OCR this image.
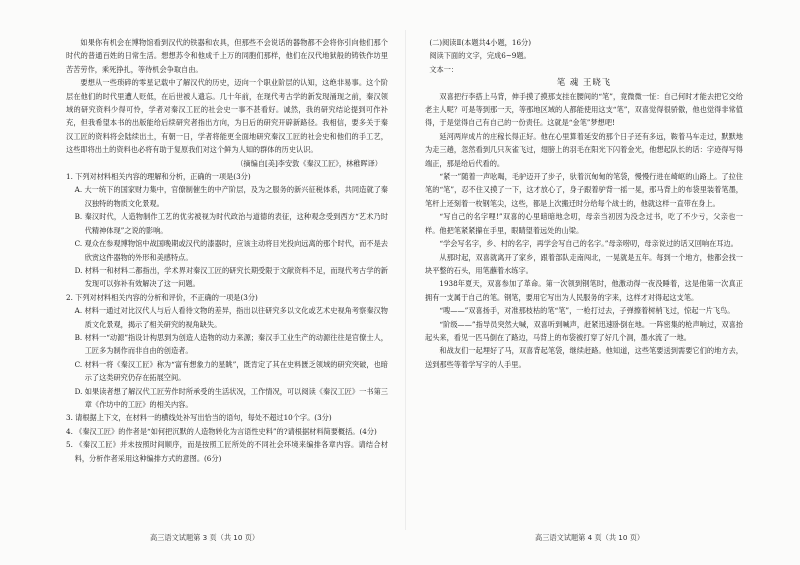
如果你有机会在博物馆看到汉代的铁器和农具，但那些不会说话的器物都不会将你引向他们那个时代的普通百姓的日常生活。想想苏令和他成千上万的同胞们那样，他们在汉代地狱般的铸铁作坊里苦苦劳作，乘死挣扎，等待机会争取自由。

要想从一些琐碎的零星记载中了解汉代的历史，迈向一个职业阶层的认知，这绝非易事。这个阶层在他们的时代里遭人贬低，在后世被人遗忘。几十年前，在现代考古学的新发现涌现之前，秦汉领域的研究资料少得可怜，学者对秦汉工匠的社会史一事不甚看好。诚然，我的研究结论提到可作补充，但我希望本书的出版能给后续研究者指出方向，为日后的研究开辟新路径。我相信，要多关于秦汉工匠的资料将会陆续出土，有朝一日，学者将能更全面地研究秦汉工匠的社会史和他们的手工艺，这些即将出土的资料也必将有助于复原我们对这个鲜为人知的群体的历史认识。

（摘编自[美]李安敦《秦汉工匠》，林稚晖译）

1. 下列对材料相关内容的理解和分析，正确的一项是(3分)

A. 大一统下的国家财力集中，官僚制催生的中产阶层，及为之服务的新兴征税体系，共同造就了秦汉独特的物质文化景观。

B. 秦汉时代，人造物制作工艺的优劣被视为时代政治与道德的表征，这种观念受到西方“艺术乃时代精神体现”之说的影响。

C. 观众在参观博物馆中战国晚期或汉代的漆器时，应该主动将目光投向远离的那个时代，而不是去欣赏这件器物的外形和美感特点。

D. 材料一和材料二都指出，学术界对秦汉工匠的研究长期受限于文献资料不足，而现代考古学的新发现可以弥补有效解决了这一问题。

2. 下列对材料相关内容的分析和评价，不正确的一项是(3分)

A. 材料一通过对比汉代人与后人看待文物的差异，指出以往研究多以文化或艺术史视角考察秦汉物质文化景观，揭示了相关研究的视角缺失。

B. 材料一“动源”指设计构思到为创造人造物的动力来源；秦汉手工业生产的动源往往是官僚士人，工匠多为制作而非自由的创造者。

C. 材料一将《秦汉工匠》称为“富有想象力的星眺”，既肯定了其在史料匮乏领域的研究突破，也暗示了这类研究仍存在拓展空间。

D. 如果读者想了解汉代工匠劳作时所承受的生活状况，工作情况，可以阅读《秦汉工匠》一书第三章《作坊中的工匠》的相关内容。

3. 请根据上下文，在材料一的横线处补写出恰当的语句，每处不超过10个字。(3分)

4. 《秦汉工匠》的作者是“如何把沉默的人造物转化为言语性史料”的?请根据材料简要概括。(4分)

5. 《秦汉工匠》并未按照时间顺序，而是按照工匠所处的不同社会环境来编排各章内容。请结合材料，分析作者采用这种编排方式的意图。(6分)

(二)阅读Ⅱ(本题共4小题，16分)

阅读下面的文字，完成6~9题。

文本一：

笔 魂 王晓飞

双喜把行李搭上马背，伸手摸了摸那支挂在腰间的“笔”，竟微微一怔：自己何时才能去把它交给老主人呢？可是等到那一天，等那地区域的人都能使用这支“笔”，双喜觉得很骄傲，他也觉得非常值得，于是觉得自己有自己的一份责任。这就是“金笔”梦想吧!

延河两岸成片的庄稼长得正好。他在心里算着延安的那个日子还有多远，鞍着马车走过，默默地为走三趟，忽然看到几只灰雀飞过，翅膀上的羽毛在阳光下闪着金光，他想起队长的话：字迹得写得端正，那是给后代看的。

“紧一”随着一声吆喝，毛驴迈开了步子，驮着沉甸甸的笔袋，慢慢行进在崎岖的山路上。了拉住笔的“笔”，忍不住又摸了一下，这才放心了，身子跟着驴背一摇一晃，那马背上的布袋里装着笔墨，笔杆上还刻着一枚钢笔尖，这些，都是上次搬迁时分给每个战士的，他就这样一直带在身上。

“写自己的名字哩!”双喜的心里暗暗地念叨，母亲当初因为没念过书，吃了不少亏，父亲也一样。他把笔紧紧攥在手里，眼睛望着远处的山梁。

“学会写名字，乡、村的名字，再学会写自己的名字。”母亲唠叨，母亲说过的话又回响在耳边。

从那时起，双喜就离开了家乡，跟着部队走南闯北，一晃就是五年。每到一个地方，他都会找一块平整的石头，用笔蘸着水练字。

1938年夏天，双喜参加了革命。第一次领到钢笔时，他激动得一夜没睡着，这是他第一次真正拥有一支属于自己的笔。钢笔，要用它写出为人民服务的字来，这样才对得起这支笔。

“嗖——”双喜扬手，对准那枝枯的笔“笔”，一枪打过去，子弹擦着树梢飞过，惊起一片飞鸟。

“阶级——”指导员突然大喊，双喜听到喊声，赶紧迅速卧倒在地。一阵密集的枪声响过，双喜抬起头来，看见一匹马倒在了路边，马背上的布袋被打穿了好几个洞，墨水流了一地。

和战友们一起埋好了马，双喜背起笔袋，继续赶路。他知道，这些笔要送到需要它们的地方去，送到那些等着学写字的人手里。

高三语文试题第 3 页（共 10 页）	高三语文试题第 4 页（共 10 页）
